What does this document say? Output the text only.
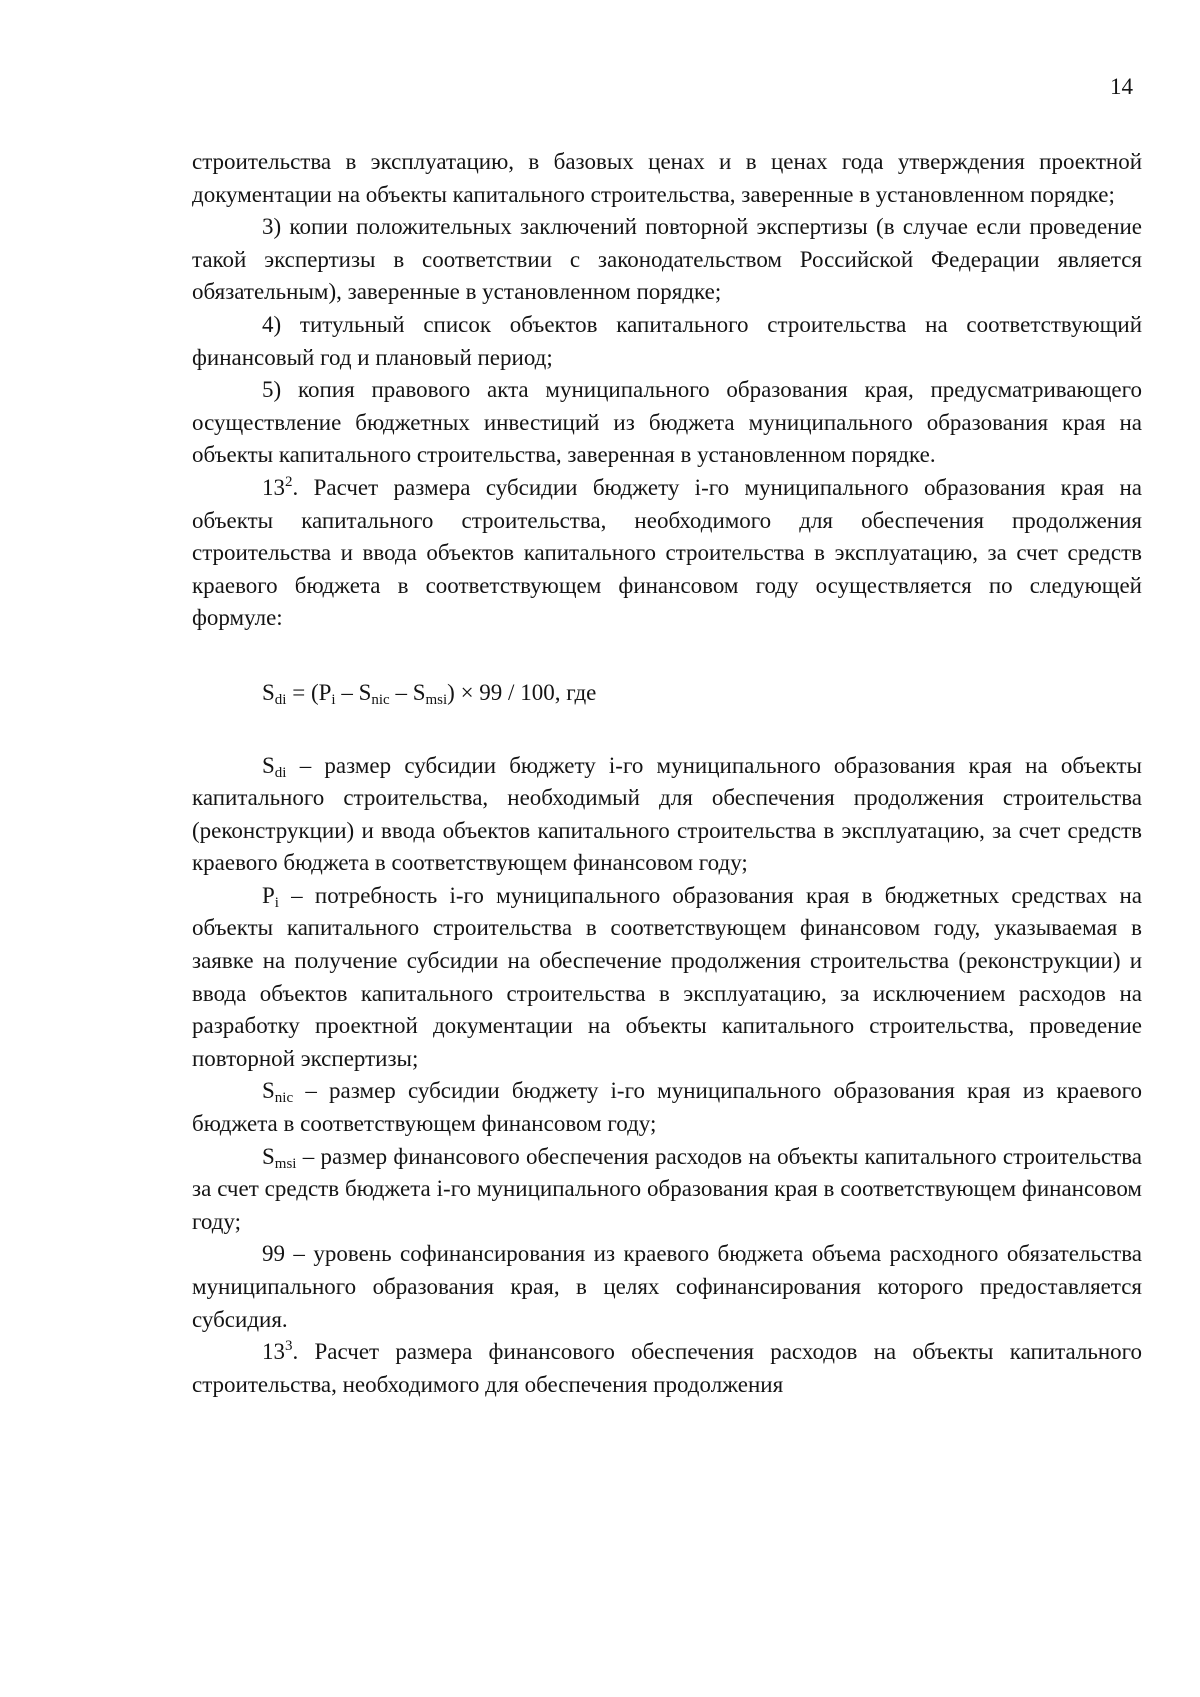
14

строительства в эксплуатацию, в базовых ценах и в ценах года утверждения проектной документации на объекты капитального строительства, заверенные в установленном порядке;

3) копии положительных заключений повторной экспертизы (в случае если проведение такой экспертизы в соответствии с законодательством Российской Федерации является обязательным), заверенные в установленном порядке;

4) титульный список объектов капитального строительства на соответствующий финансовый год и плановый период;

5) копия правового акта муниципального образования края, предусматривающего осуществление бюджетных инвестиций из бюджета муниципального образования края на объекты капитального строительства, заверенная в установленном порядке.

$13^2$. Расчет размера субсидии бюджету i-го муниципального образования края на объекты капитального строительства, необходимого для обеспечения продолжения строительства и ввода объектов капитального строительства в эксплуатацию, за счет средств краевого бюджета в соответствующем финансовом году осуществляется по следующей формуле:

$S_{di} = (P_i - S_{nic} - S_{msi}) \times 99 / 100$, где

$S_{di}$ – размер субсидии бюджету i-го муниципального образования края на объекты капитального строительства, необходимый для обеспечения продолжения строительства (реконструкции) и ввода объектов капитального строительства в эксплуатацию, за счет средств краевого бюджета в соответствующем финансовом году;

$P_i$ – потребность i-го муниципального образования края в бюджетных средствах на объекты капитального строительства в соответствующем финансовом году, указываемая в заявке на получение субсидии на обеспечение продолжения строительства (реконструкции) и ввода объектов капитального строительства в эксплуатацию, за исключением расходов на разработку проектной документации на объекты капитального строительства, проведение повторной экспертизы;

$S_{nic}$ – размер субсидии бюджету i-го муниципального образования края из краевого бюджета в соответствующем финансовом году;

$S_{msi}$ – размер финансового обеспечения расходов на объекты капитального строительства за счет средств бюджета i-го муниципального образования края в соответствующем финансовом году;

99 – уровень софинансирования из краевого бюджета объема расходного обязательства муниципального образования края, в целях софинансирования которого предоставляется субсидия.

$13^3$. Расчет размера финансового обеспечения расходов на объекты капитального строительства, необходимого для обеспечения продолжения
